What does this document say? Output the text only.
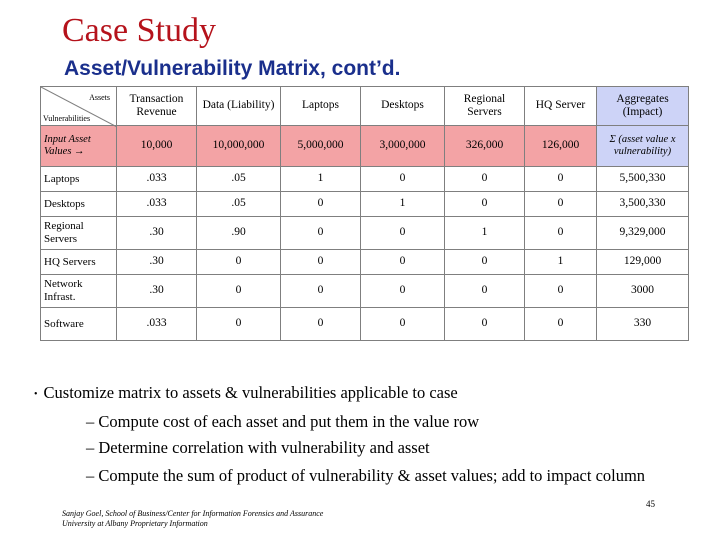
Case Study
Asset/Vulnerability Matrix, cont’d.
Assets
Vulnerabilities	Transaction Revenue	Data (Liability)	Laptops	Desktops	Regional Servers	HQ Server	Aggregates (Impact)
Input Asset Values →	10,000	10,000,000	5,000,000	3,000,000	326,000	126,000	Σ (asset value x vulnerability)
Laptops	.033	.05	1	0	0	0	5,500,330
Desktops	.033	.05	0	1	0	0	3,500,330
Regional Servers	.30	.90	0	0	1	0	9,329,000
HQ Servers	.30	0	0	0	0	1	129,000
Network Infrast.	.30	0	0	0	0	0	3000
Software	.033	0	0	0	0	0	330

• Customize matrix to assets & vulnerabilities applicable to case

– Compute cost of each asset and put them in the value row

– Determine correlation with vulnerability and asset

– Compute the sum of product of vulnerability & asset values; add to impact column

Sanjay Goel, School of Business/Center for Information Forensics and Assurance
University at Albany Proprietary Information
45
